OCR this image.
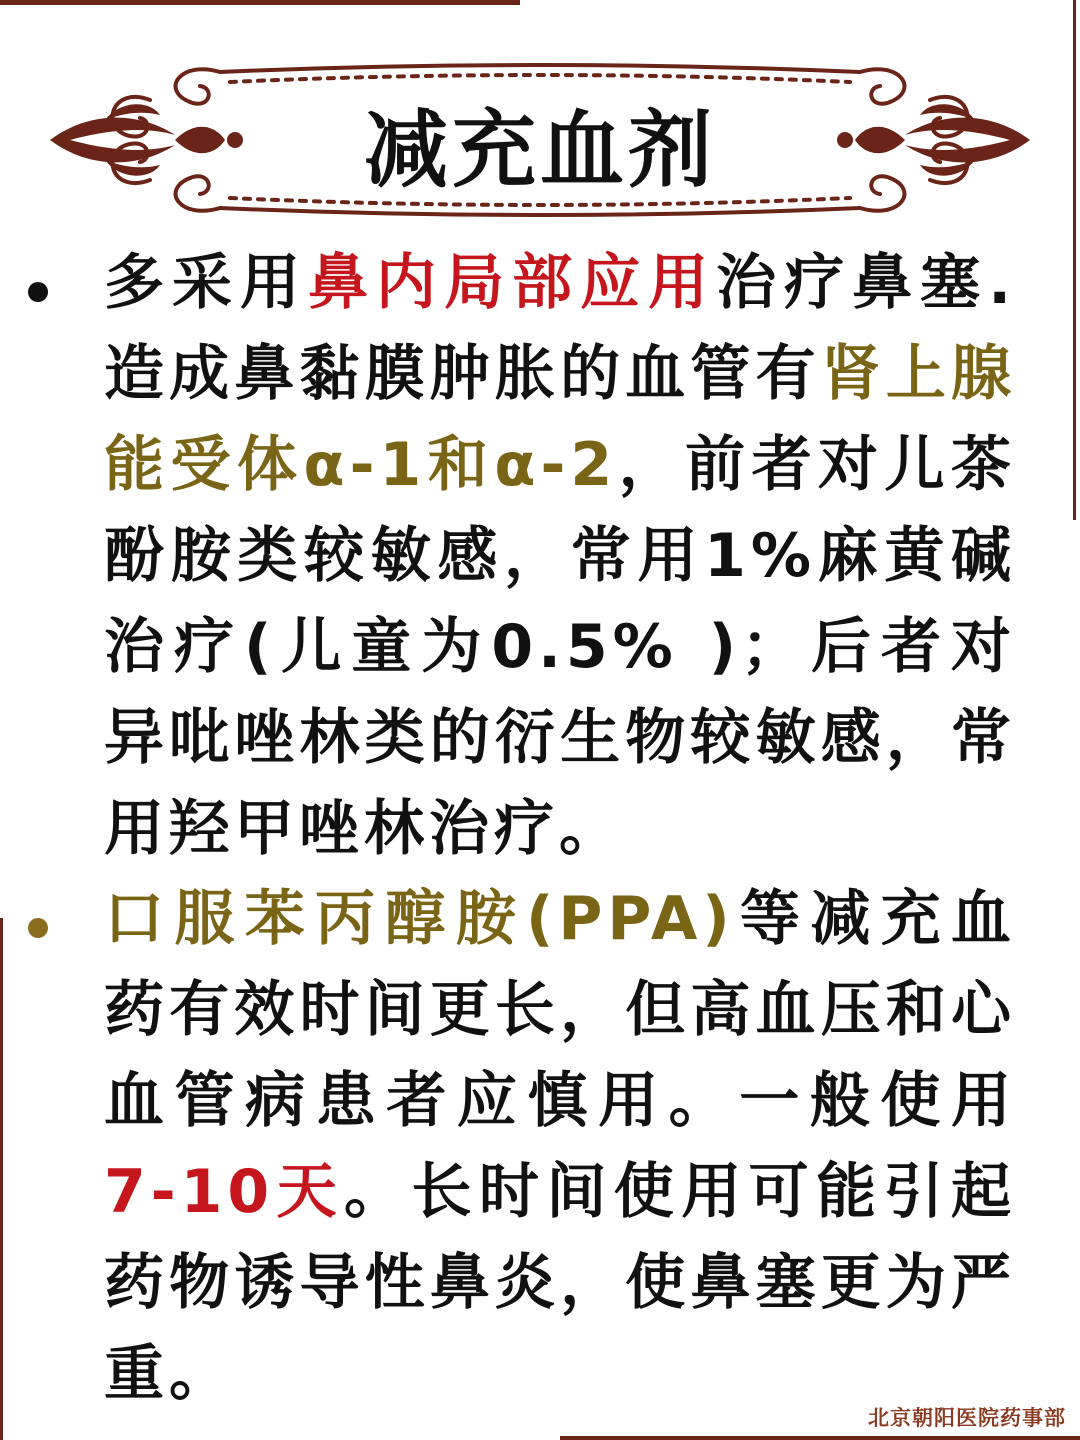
减充血剂
多采用鼻内局部应用治疗鼻塞.造成鼻黏膜肿胀的血管有肾上腺能受体α-1和α-2，前者对儿茶酚胺类较敏感，常用1%麻黄碱治疗(儿童为0.5% )；后者对异吡唑林类的衍生物较敏感，常用羟甲唑林治疗。
口服苯丙醇胺(PPA)等减充血药有效时间更长，但高血压和心血管病患者应慎用。一般使用7-10天。长时间使用可能引起药物诱导性鼻炎，使鼻塞更为严重。
北京朝阳医院药事部
